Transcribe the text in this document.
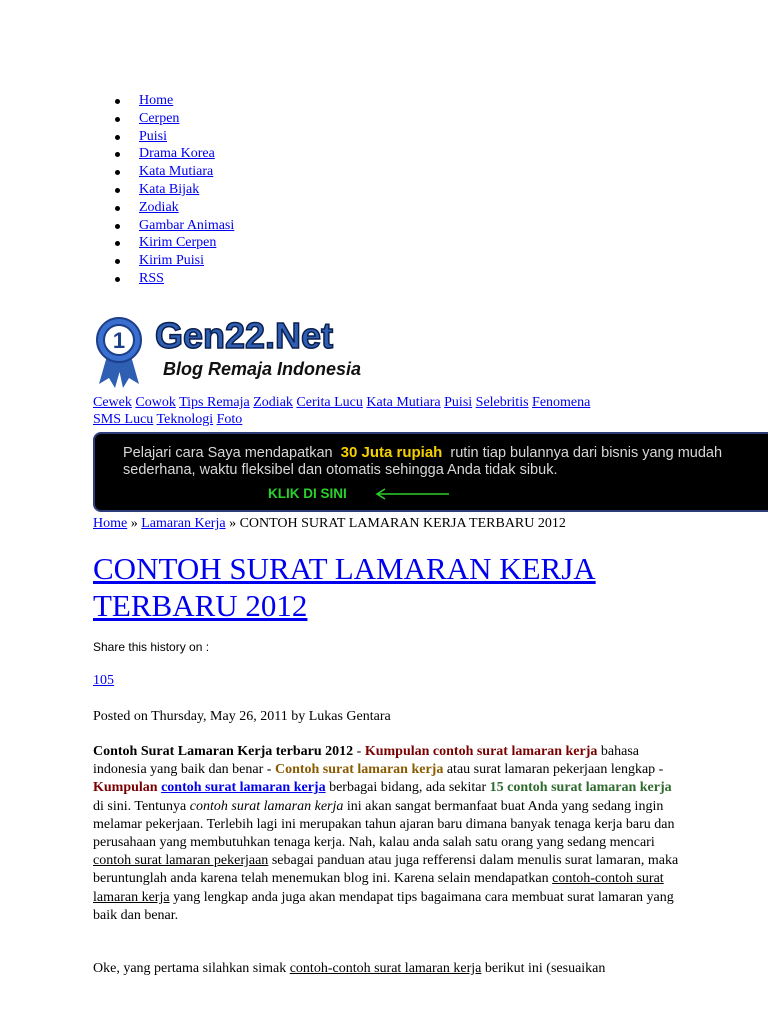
Home
Cerpen
Puisi
Drama Korea
Kata Mutiara
Kata Bijak
Zodiak
Gambar Animasi
Kirim Cerpen
Kirim Puisi
RSS
1 Gen22.Net
Blog Remaja Indonesia
Cewek Cowok Tips Remaja Zodiak Cerita Lucu Kata Mutiara Puisi Selebritis Fenomena
SMS Lucu Teknologi Foto
Pelajari cara Saya mendapatkan 30 Juta rupiah rutin tiap bulannya dari bisnis yang mudah
sederhana, waktu fleksibel dan otomatis sehingga Anda tidak sibuk.
KLIK DI SINI
Home » Lamaran Kerja » CONTOH SURAT LAMARAN KERJA TERBARU 2012
CONTOH SURAT LAMARAN KERJA TERBARU 2012
Share this history on :
105
Posted on Thursday, May 26, 2011 by Lukas Gentara
Contoh Surat Lamaran Kerja terbaru 2012 - Kumpulan contoh surat lamaran kerja bahasa indonesia yang baik dan benar - Contoh surat lamaran kerja atau surat lamaran pekerjaan lengkap - Kumpulan contoh surat lamaran kerja berbagai bidang, ada sekitar 15 contoh surat lamaran kerja di sini. Tentunya contoh surat lamaran kerja ini akan sangat bermanfaat buat Anda yang sedang ingin melamar pekerjaan. Terlebih lagi ini merupakan tahun ajaran baru dimana banyak tenaga kerja baru dan perusahaan yang membutuhkan tenaga kerja. Nah, kalau anda salah satu orang yang sedang mencari contoh surat lamaran pekerjaan sebagai panduan atau juga refferensi dalam menulis surat lamaran, maka beruntunglah anda karena telah menemukan blog ini. Karena selain mendapatkan contoh-contoh surat lamaran kerja yang lengkap anda juga akan mendapat tips bagaimana cara membuat surat lamaran yang baik dan benar.
Oke, yang pertama silahkan simak contoh-contoh surat lamaran kerja berikut ini (sesuaikan
